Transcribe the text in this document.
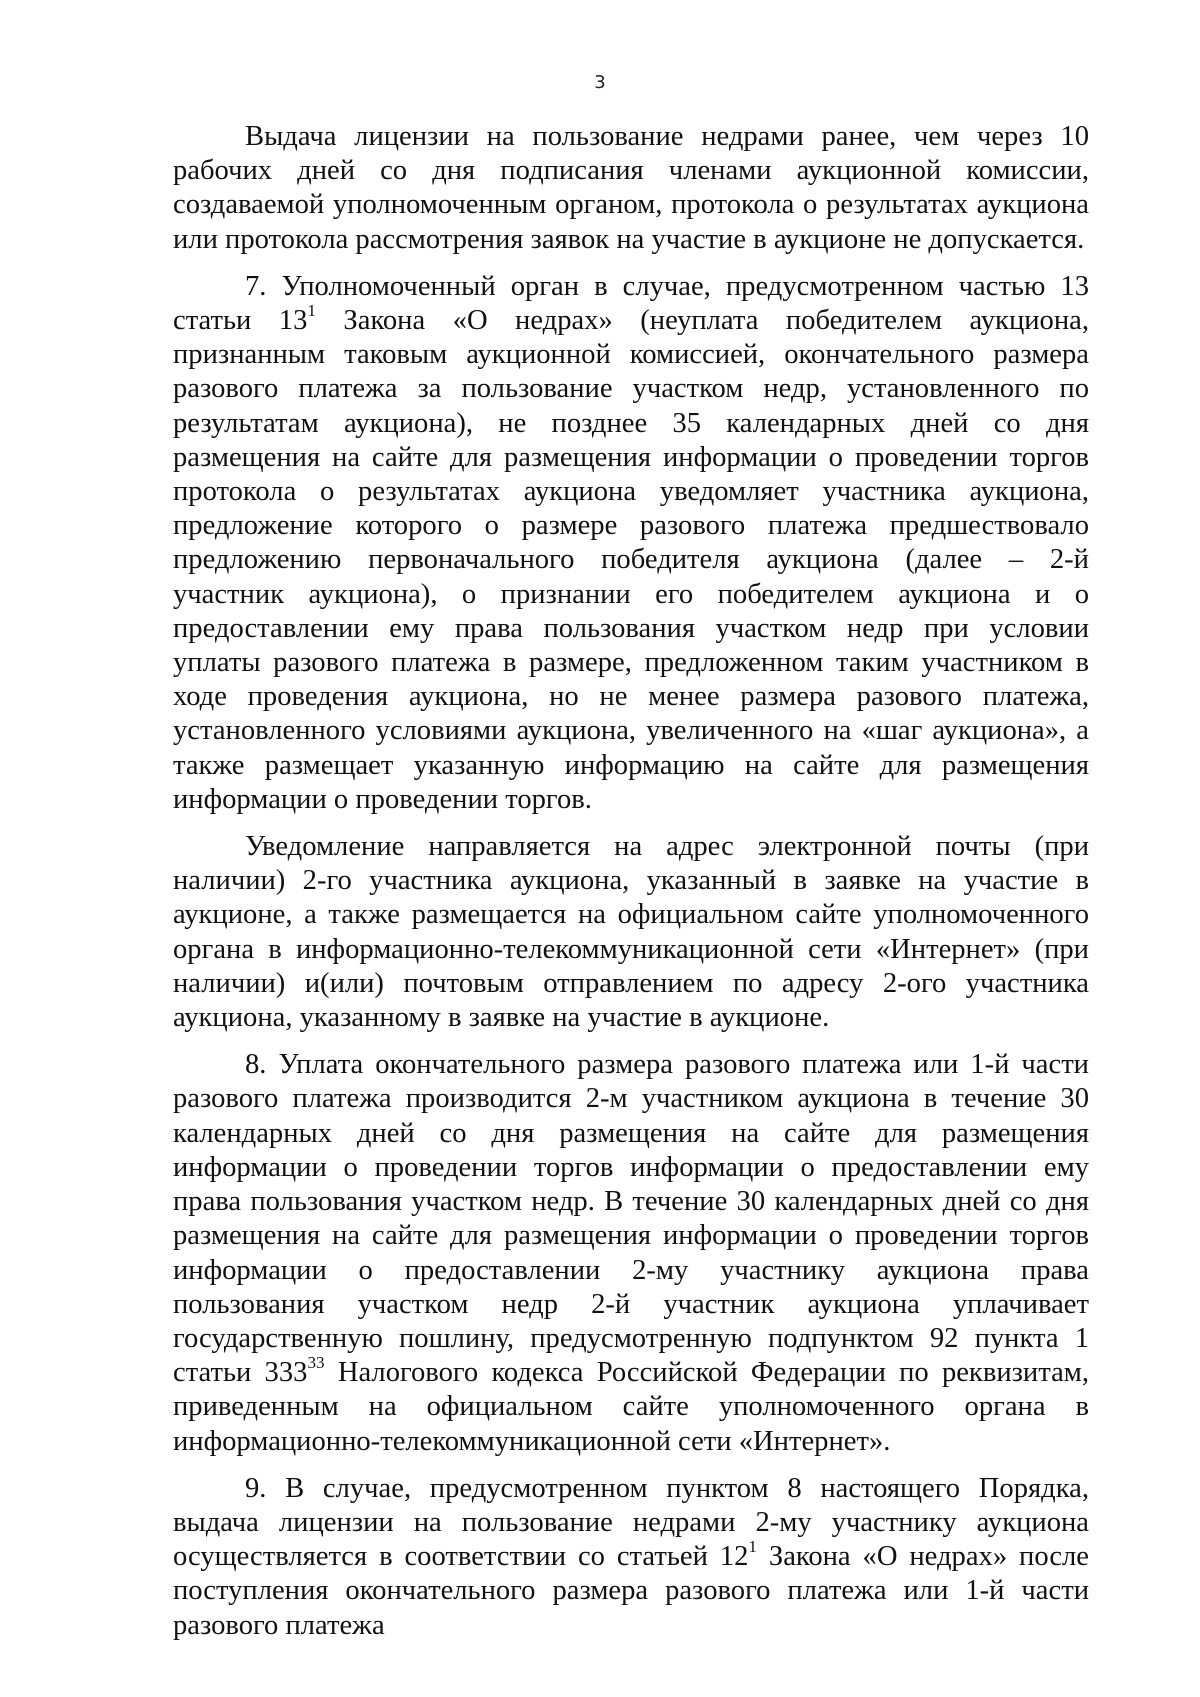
3

Выдача лицензии на пользование недрами ранее, чем через 10 рабочих дней со дня подписания членами аукционной комиссии, создаваемой уполномоченным органом, протокола о результатах аукциона или протокола рассмотрения заявок на участие в аукционе не допускается.

7. Уполномоченный орган в случае, предусмотренном частью 13 статьи $13^1$ Закона «О недрах» (неуплата победителем аукциона, признанным таковым аукционной комиссией, окончательного размера разового платежа за пользование участком недр, установленного по результатам аукциона), не позднее 35 календарных дней со дня размещения на сайте для размещения информации о проведении торгов протокола о результатах аукциона уведомляет участника аукциона, предложение которого о размере разового платежа предшествовало предложению первоначального победителя аукциона (далее – 2-й участник аукциона), о признании его победителем аукциона и о предоставлении ему права пользования участком недр при условии уплаты разового платежа в размере, предложенном таким участником в ходе проведения аукциона, но не менее размера разового платежа, установленного условиями аукциона, увеличенного на «шаг аукциона», а также размещает указанную информацию на сайте для размещения информации о проведении торгов.

Уведомление направляется на адрес электронной почты (при наличии) 2-го участника аукциона, указанный в заявке на участие в аукционе, а также размещается на официальном сайте уполномоченного органа в информационно-телекоммуникационной сети «Интернет» (при наличии) и(или) почтовым отправлением по адресу 2-ого участника аукциона, указанному в заявке на участие в аукционе.

8. Уплата окончательного размера разового платежа или 1-й части разового платежа производится 2-м участником аукциона в течение 30 календарных дней со дня размещения на сайте для размещения информации о проведении торгов информации о предоставлении ему права пользования участком недр. В течение 30 календарных дней со дня размещения на сайте для размещения информации о проведении торгов информации о предоставлении 2-му участнику аукциона права пользования участком недр 2-й участник аукциона уплачивает государственную пошлину, предусмотренную подпунктом 92 пункта 1 статьи $333^{33}$ Налогового кодекса Российской Федерации по реквизитам, приведенным на официальном сайте уполномоченного органа в информационно-телекоммуникационной сети «Интернет».

9. В случае, предусмотренном пунктом 8 настоящего Порядка, выдача лицензии на пользование недрами 2-му участнику аукциона осуществляется в соответствии со статьей $12^1$ Закона «О недрах» после поступления окончательного размера разового платежа или 1-й части разового платежа
